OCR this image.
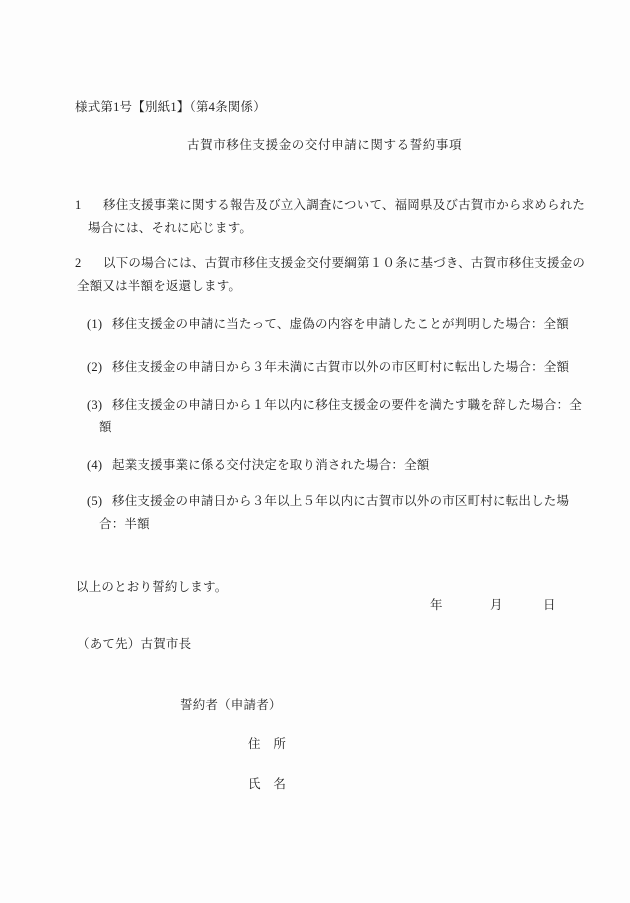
様式第1号【別紙1】（第4条関係）
古賀市移住支援金の交付申請に関する誓約事項
1 移住支援事業に関する報告及び立入調査について、福岡県及び古賀市から求められた
場合には、それに応じます。
2 以下の場合には、古賀市移住支援金交付要綱第１０条に基づき、古賀市移住支援金の
全額又は半額を返還します。
(1) 移住支援金の申請に当たって、虚偽の内容を申請したことが判明した場合：全額
(2) 移住支援金の申請日から３年未満に古賀市以外の市区町村に転出した場合：全額
(3) 移住支援金の申請日から１年以内に移住支援金の要件を満たす職を辞した場合：全
額
(4) 起業支援事業に係る交付決定を取り消された場合：全額
(5) 移住支援金の申請日から３年以上５年以内に古賀市以外の市区町村に転出した場
合：半額
以上のとおり誓約します。
年	月	日
（あて先）古賀市長
誓約者（申請者）
住　所
氏　名
